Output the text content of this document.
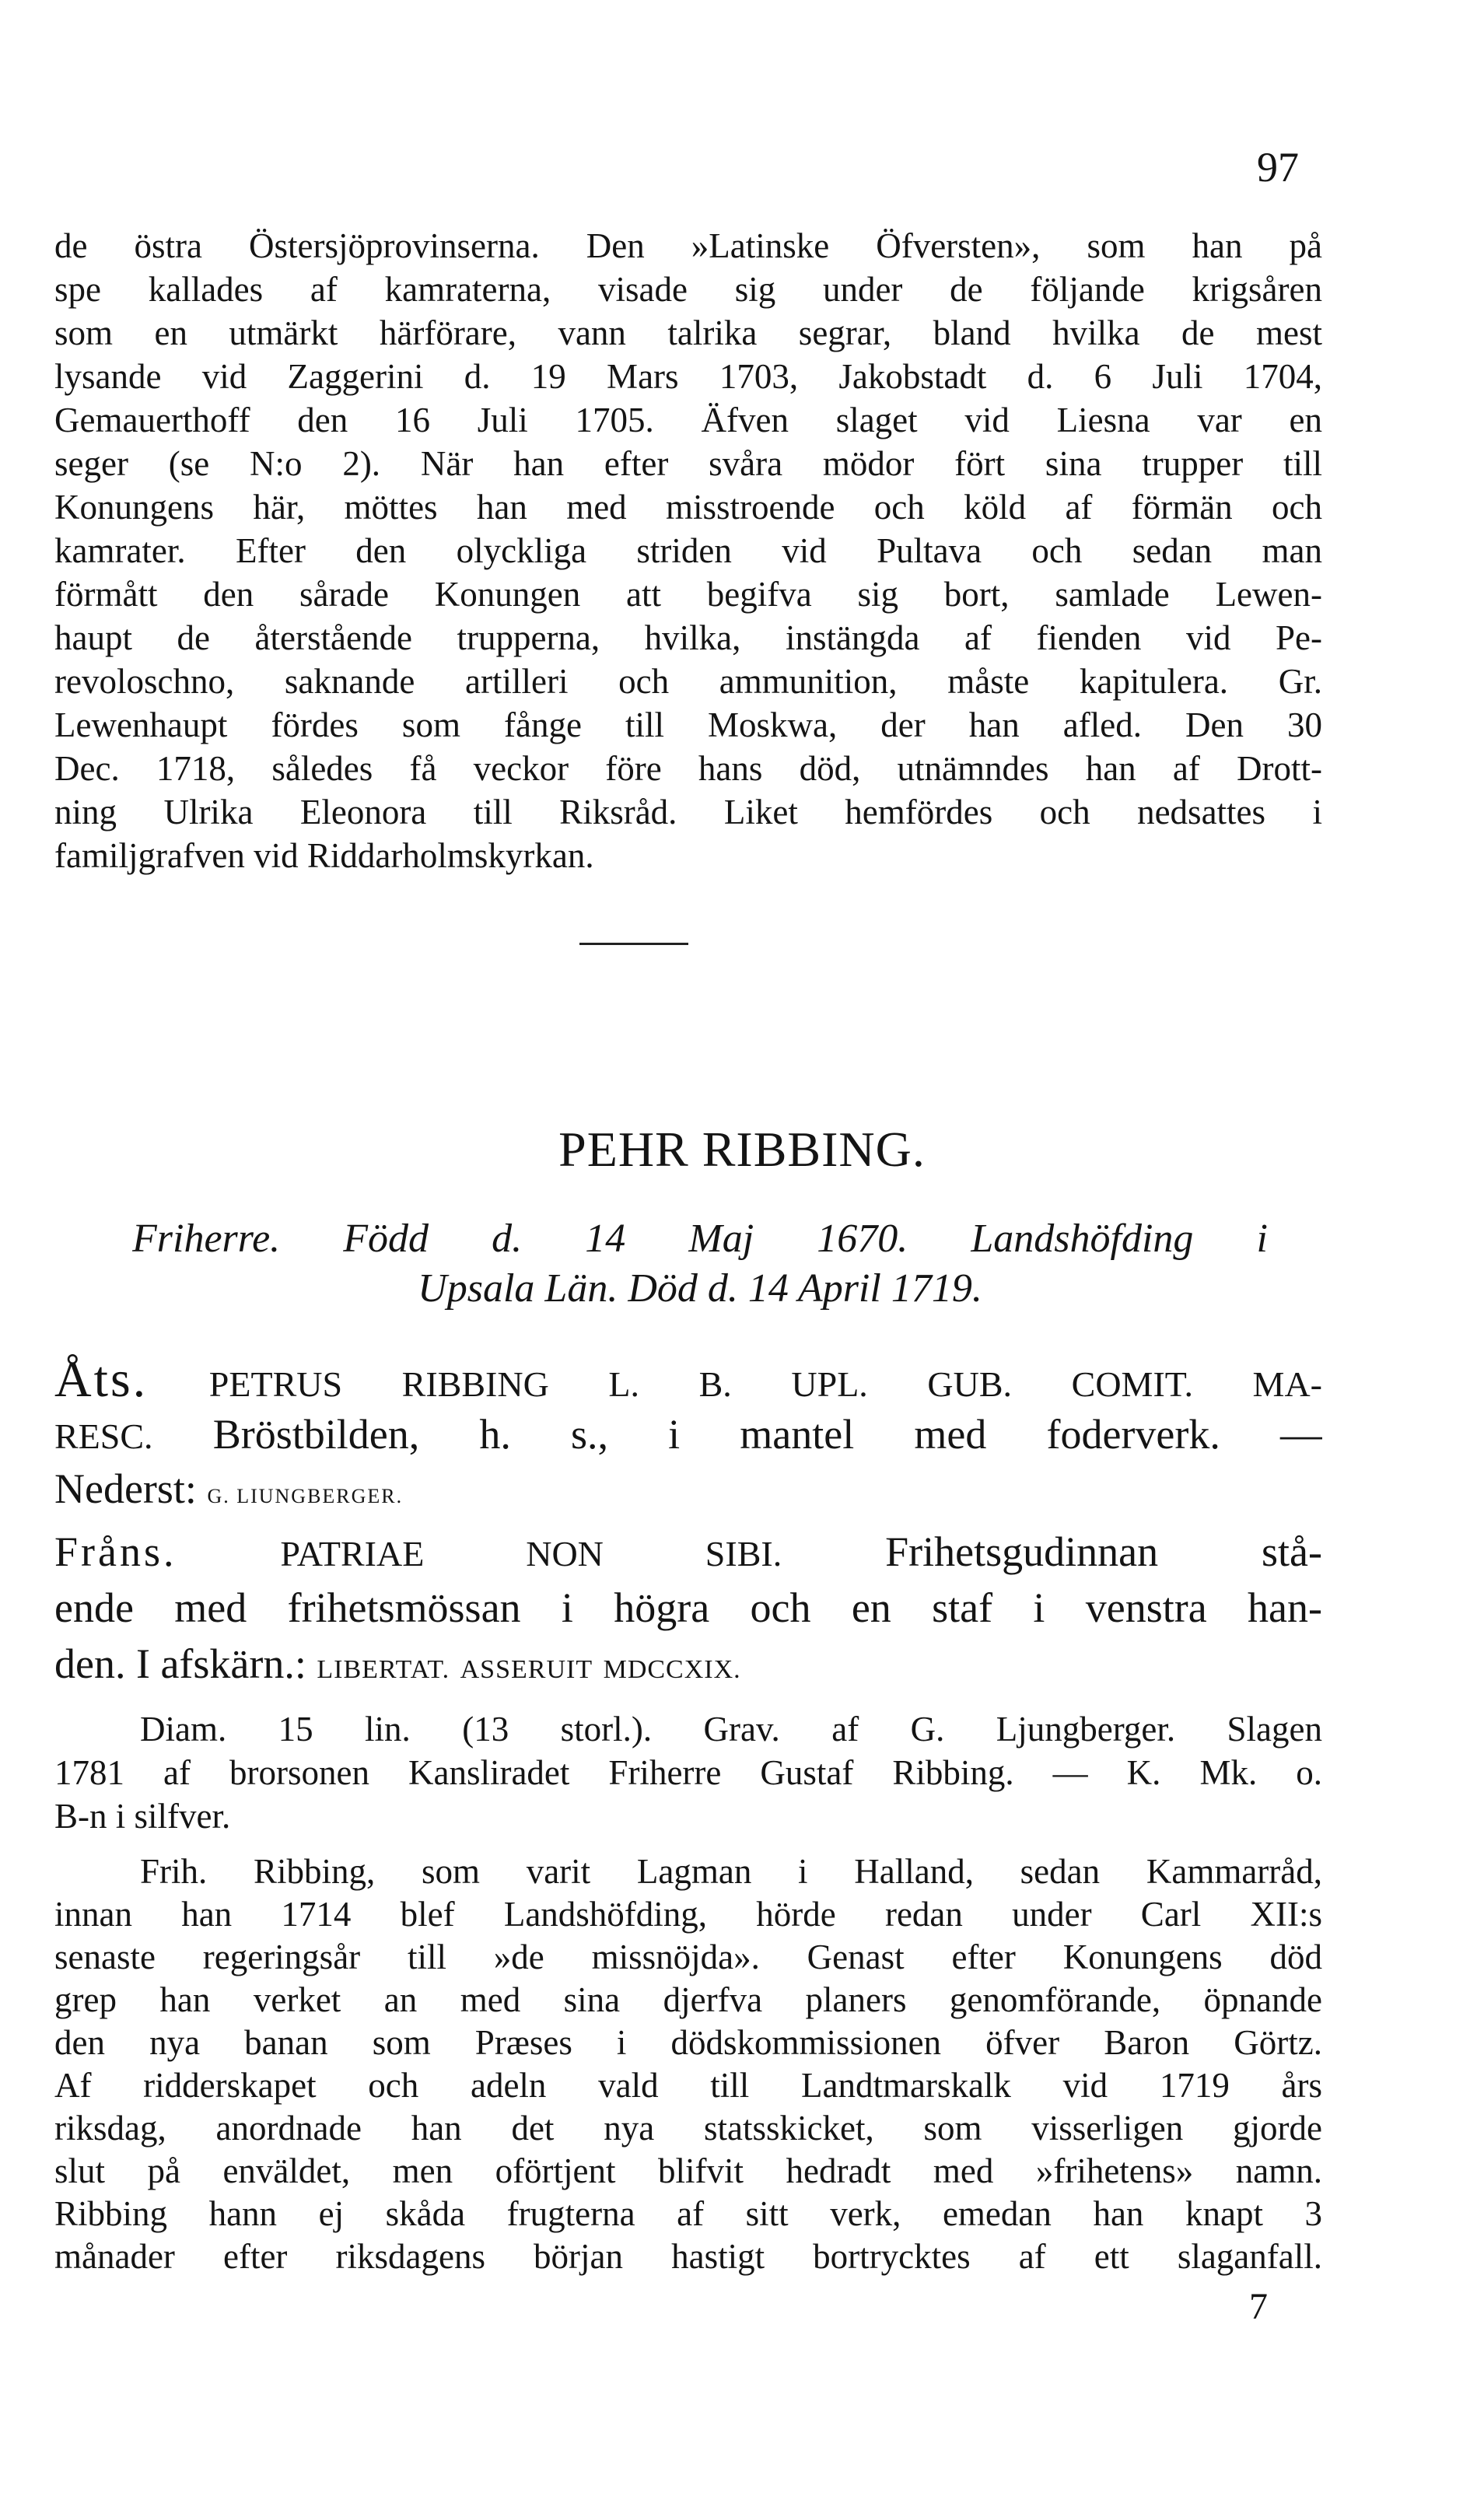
97
de östra Östersjöprovinserna. Den »Latinske Öfversten», som han på
spe kallades af kamraterna, visade sig under de följande krigsåren
som en utmärkt härförare, vann talrika segrar, bland hvilka de mest
lysande vid Zaggerini d. 19 Mars 1703, Jakobstadt d. 6 Juli 1704,
Gemauerthoff den 16 Juli 1705. Äfven slaget vid Liesna var en
seger (se N:o 2). När han efter svåra mödor fört sina trupper till
Konungens här, möttes han med misstroende och köld af förmän och
kamrater. Efter den olyckliga striden vid Pultava och sedan man
förmått den sårade Konungen att begifva sig bort, samlade Lewen-
haupt de återstående trupperna, hvilka, instängda af fienden vid Pe-
revoloschno, saknande artilleri och ammunition, måste kapitulera. Gr.
Lewenhaupt fördes som fånge till Moskwa, der han afled. Den 30
Dec. 1718, således få veckor före hans död, utnämndes han af Drott-
ning Ulrika Eleonora till Riksråd. Liket hemfördes och nedsattes i
familjgrafven vid Riddarholmskyrkan.
PEHR RIBBING.
Friherre. Född d. 14 Maj 1670. Landshöfding i
Upsala Län. Död d. 14 April 1719.
Åts. PETRUS RIBBING L. B. UPL. GUB. COMIT. MA-
RESC. Bröstbilden, h. s., i mantel med foderverk. —
Nederst: G. LIUNGBERGER.
Fråns.	PATRIAE NON SIBI. Frihetsgudinnan stå-
ende med frihetsmössan i högra och en staf i venstra han-
den. I afskärn.: LIBERTAT. ASSERUIT MDCCXIX.
Diam. 15 lin. (13 storl.). Grav. af G. Ljungberger. Slagen
1781 af brorsonen Kansliradet Friherre Gustaf Ribbing. — K. Mk. o.
B-n i silfver.
Frih. Ribbing, som varit Lagman i Halland, sedan Kammarråd,
innan han 1714 blef Landshöfding, hörde redan under Carl XII:s
senaste regeringsår till »de missnöjda». Genast efter Konungens död
grep han verket an med sina djerfva planers genomförande, öpnande
den nya banan som Præses i dödskommissionen öfver Baron Görtz.
Af ridderskapet och adeln vald till Landtmarskalk vid 1719 års
riksdag, anordnade han det nya statsskicket, som visserligen gjorde
slut på enväldet, men oförtjent blifvit hedradt med »frihetens» namn.
Ribbing hann ej skåda frugterna af sitt verk, emedan han knapt 3
månader efter riksdagens början hastigt bortrycktes af ett slaganfall.

7
